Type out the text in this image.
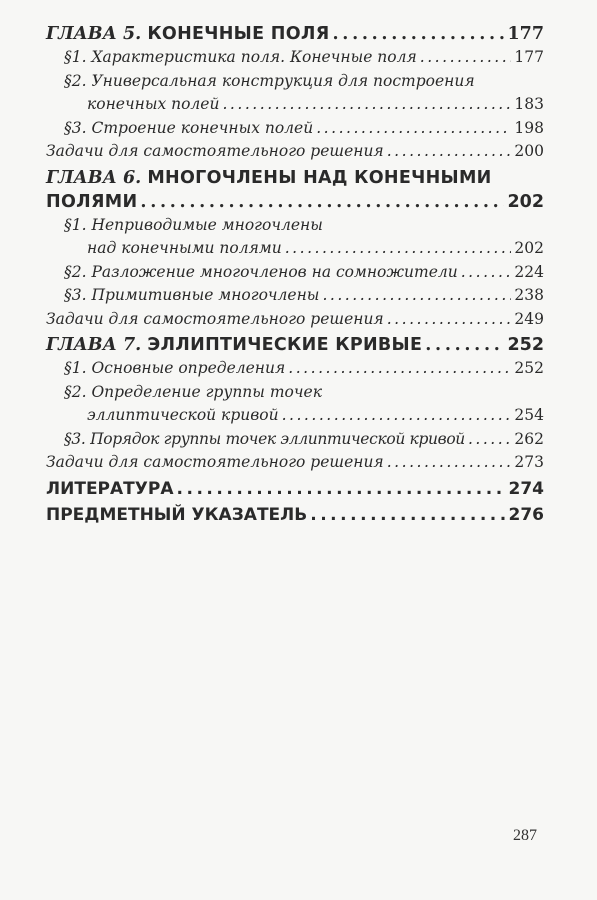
ГЛАВА 5. КОНЕЧНЫЕ ПОЛЯ . . .	177
§1. Характеристика поля. Конечные поля . . .	177
§2. Универсальная конструкция для построения
конечных полей . . .	183
§3. Строение конечных полей . . .	198
Задачи для самостоятельного решения . . .	200
ГЛАВА 6. МНОГОЧЛЕНЫ НАД КОНЕЧНЫМИ
ПОЛЯМИ . . .	202
§1. Неприводимые многочлены
над конечными полями . . .	202
§2. Разложение многочленов на сомножители . . .	224
§3. Примитивные многочлены . . .	238
Задачи для самостоятельного решения . . .	249
ГЛАВА 7. ЭЛЛИПТИЧЕСКИЕ КРИВЫЕ . . .	252
§1. Основные определения . . .	252
§2. Определение группы точек
эллиптической кривой . . .	254
§3. Порядок группы точек эллиптической кривой . . .	262
Задачи для самостоятельного решения . . .	273
ЛИТЕРАТУРА . . .	274
ПРЕДМЕТНЫЙ УКАЗАТЕЛЬ . . .	276
287
